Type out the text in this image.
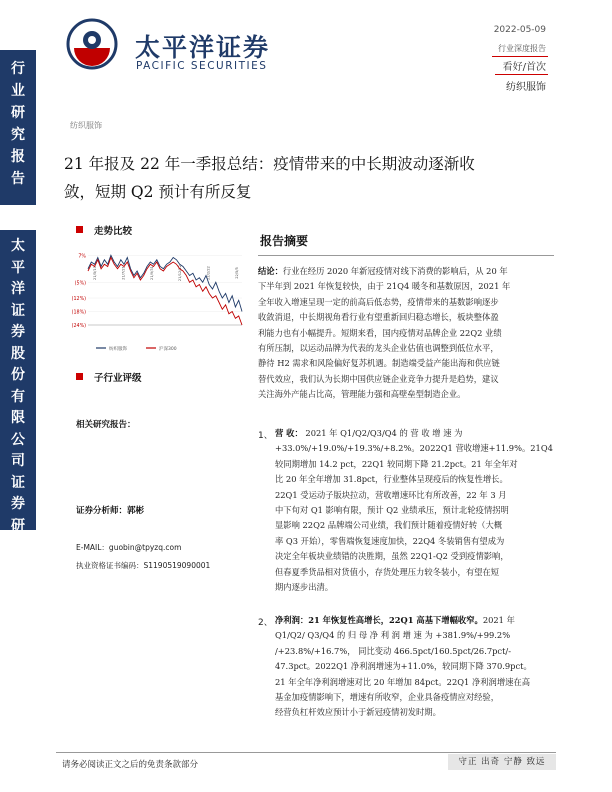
行
业
研
究
报
告
太
平
洋
证
券
股
份
有
限
公
司
证
券
研
究
报
告
太平洋证券
PACIFIC SECURITIES
2022-05-09
行业深度报告
看好/首次
纺织服饰
纺织服饰
21 年报及 22 年一季报总结：疫情带来的中长期波动逐渐收
敛，短期 Q2 预计有所反复
走势比较
7%
(5%)
(12%)
(18%)
(24%)
21/5/10	21/7/21	21/9/31	21/12/12	22/2/22	22/5/5
纺织服饰	沪深300
子行业评级
相关研究报告：
证券分析师：郭彬
E-MAIL：guobin@tpyzq.com
执业资格证书编码：S1190519090001
报告摘要
结论：行业在经历 2020 年新冠疫情对线下消费的影响后，从 20 年
下半年到 2021 年恢复较快，由于 21Q4 暖冬和基数原因，2021 年
全年收入增速呈现一定的前高后低态势，疫情带来的基数影响逐步
收敛消退，中长期视角看行业有望重新回归稳态增长，板块整体盈
利能力也有小幅提升。短期来看，国内疫情对品牌企业 22Q2 业绩
有所压制，以运动品牌为代表的龙头企业估值也调整到低位水平，
静待 H2 需求和风险偏好复苏机遇。制造端受益产能出海和供应链
替代效应，我们认为长期中国供应链企业竞争力提升是趋势，建议
关注海外产能占比高，管理能力强和高壁垒型制造企业。
1、 营 收： 2021 年 Q1/Q2/Q3/Q4 的 营 收 增 速 为
+33.0%/+19.0%/+19.3%/+8.2%。2022Q1 营收增速+11.9%。21Q4
较同期增加 14.2 pct，22Q1 较同期下降 21.2pct。21 年全年对
比 20 年全年增加 31.8pct，行业整体呈现疫后的恢复性增长。
22Q1 受运动子版块拉动，营收增速环比有所改善，22 年 3 月
中下旬对 Q1 影响有限，预计 Q2 业绩承压，预计北轮疫情拐明
显影响 22Q2 品牌端公司业绩，我们预计随着疫情好转（大概
率 Q3 开始），零售端恢复速度加快，22Q4 冬装销售有望成为
决定全年板块业绩错的决胜期，虽然 22Q1-Q2 受到疫情影响，
但春夏季货品相对货值小，存货处理压力较冬装小，有望在短
期内逐步出清。
2、 净利润：21 年恢复性高增长，22Q1 高基下增幅收窄。2021 年
Q1/Q2/ Q3/Q4 的 归 母 净 利 润 增 速 为 +381.9%/+99.2%
/+23.8%/+16.7%， 同比变动 466.5pct/160.5pct/26.7pct/-
47.3pct。2022Q1 净利润增速为+11.0%，较同期下降 370.9pct。
21 年全年净利润增速对比 20 年增加 84pct。22Q1 净利润增速在高
基金加疫情影响下，增速有所收窄，企业具备疫情应对经验，
经营负杠杆效应预计小于新冠疫情初发时期。
请务必阅读正文之后的免责条款部分	守正 出奇 宁静 致远
